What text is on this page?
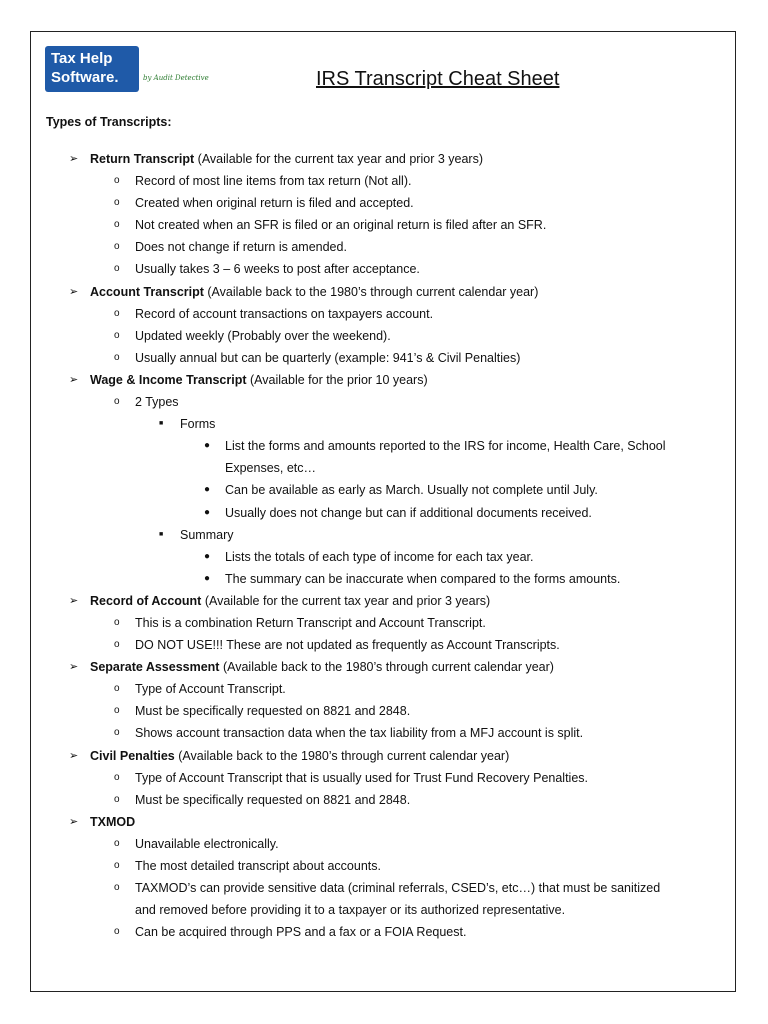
Tax Help
Software.	by Audit Detective	IRS Transcript Cheat Sheet
Types of Transcripts:
➢ Return Transcript (Available for the current tax year and prior 3 years)
o Record of most line items from tax return (Not all).
o Created when original return is filed and accepted.
o Not created when an SFR is filed or an original return is filed after an SFR.
o Does not change if return is amended.
o Usually takes 3 – 6 weeks to post after acceptance.
➢ Account Transcript (Available back to the 1980’s through current calendar year)
o Record of account transactions on taxpayers account.
o Updated weekly (Probably over the weekend).
o Usually annual but can be quarterly (example: 941’s & Civil Penalties)
➢ Wage & Income Transcript (Available for the prior 10 years)
o 2 Types
■ Forms
● List the forms and amounts reported to the IRS for income, Health Care, School
Expenses, etc…
● Can be available as early as March. Usually not complete until July.
● Usually does not change but can if additional documents received.
■ Summary
● Lists the totals of each type of income for each tax year.
● The summary can be inaccurate when compared to the forms amounts.
➢ Record of Account (Available for the current tax year and prior 3 years)
o This is a combination Return Transcript and Account Transcript.
o DO NOT USE!!! These are not updated as frequently as Account Transcripts.
➢ Separate Assessment (Available back to the 1980’s through current calendar year)
o Type of Account Transcript.
o Must be specifically requested on 8821 and 2848.
o Shows account transaction data when the tax liability from a MFJ account is split.
➢ Civil Penalties (Available back to the 1980’s through current calendar year)
o Type of Account Transcript that is usually used for Trust Fund Recovery Penalties.
o Must be specifically requested on 8821 and 2848.
➢ TXMOD
o Unavailable electronically.
o The most detailed transcript about accounts.
o TAXMOD’s can provide sensitive data (criminal referrals, CSED’s, etc…) that must be sanitized
and removed before providing it to a taxpayer or its authorized representative.
o Can be acquired through PPS and a fax or a FOIA Request.
